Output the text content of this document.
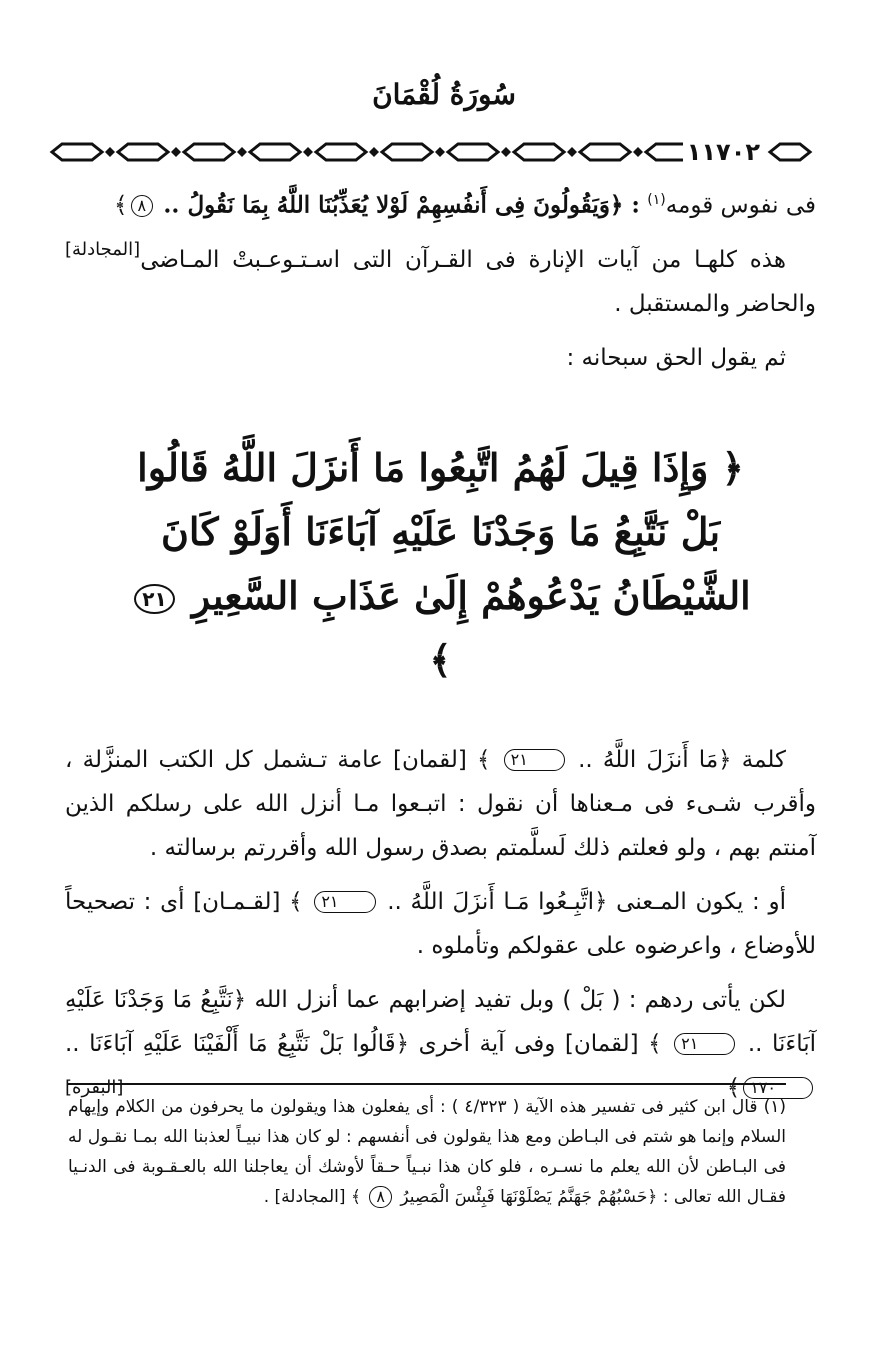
سُورَةُ لُقْمَانَ
١١٧٠٢

فى نفوس قومه$^{(١)}$ : ﴿وَيَقُولُونَ فِى أَنفُسِهِمْ لَوْلا يُعَذِّبُنَا اللَّهُ بِمَا نَقُولُ .. ٨﴾
[المجادلة] هذه كلهـا من آيات الإنارة فى القـرآن التى اسـتـوعـبتْ المـاضى والحاضر والمستقبل .

ثم يقول الحق سبحانه :

﴿ وَإِذَا قِيلَ لَهُمُ اتَّبِعُوا مَا أَنزَلَ اللَّهُ قَالُوا بَلْ نَتَّبِعُ مَا وَجَدْنَا عَلَيْهِ آبَاءَنَا أَوَلَوْ كَانَ الشَّيْطَانُ يَدْعُوهُمْ إِلَىٰ عَذَابِ السَّعِيرِ ٢١ ﴾

كلمة ﴿مَا أَنزَلَ اللَّهُ .. ٢١ ﴾ [لقمان] عامة تـشمل كل الكتب المنزَّلة ، وأقرب شـىء فى مـعناها أن نقول : اتبـعوا مـا أنزل الله على رسلكم الذين آمنتم بهم ، ولو فعلتم ذلك لَسلَّمتم بصدق رسول الله وأقررتم برسالته .

أو : يكون المـعنى ﴿اتَّبِـعُوا مَـا أَنزَلَ اللَّهُ .. ٢١ ﴾ [لقـمـان] أى : تصحيحاً للأوضاع ، واعرضوه على عقولكم وتأملوه .

لكن يأتى ردهم : ( بَلْ ) وبل تفيد إضرابهم عما أنزل الله ﴿نَتَّبِعُ مَا وَجَدْنَا عَلَيْهِ آبَاءَنَا .. ٢١ ﴾ [لقمان] وفى آية أخرى ﴿قَالُوا بَلْ نَتَّبِعُ مَا أَلْفَيْنَا عَلَيْهِ آبَاءَنَا .. ١٧٠﴾
[البقرة]

(١) قال ابن كثير فى تفسير هذه الآية ( ٤/٣٢٣ ) : أى يفعلون هذا ويقولون ما يحرفون من الكلام وإيهام السلام وإنما هو شتم فى البـاطن ومع هذا يقولون فى أنفسهم : لو كان هذا نبيـاً لعذبنا الله بمـا نقـول له فى البـاطن لأن الله يعلم ما نسـره ، فلو كان هذا نبـياً حـقاً لأوشك أن يعاجلنا الله بالعـقـوبة فى الدنـيا فقـال الله تعالى : ﴿حَسْبُهُمْ جَهَنَّمُ يَصْلَوْنَهَا فَبِئْسَ الْمَصِيرُ ٨ ﴾ [المجادلة] .
